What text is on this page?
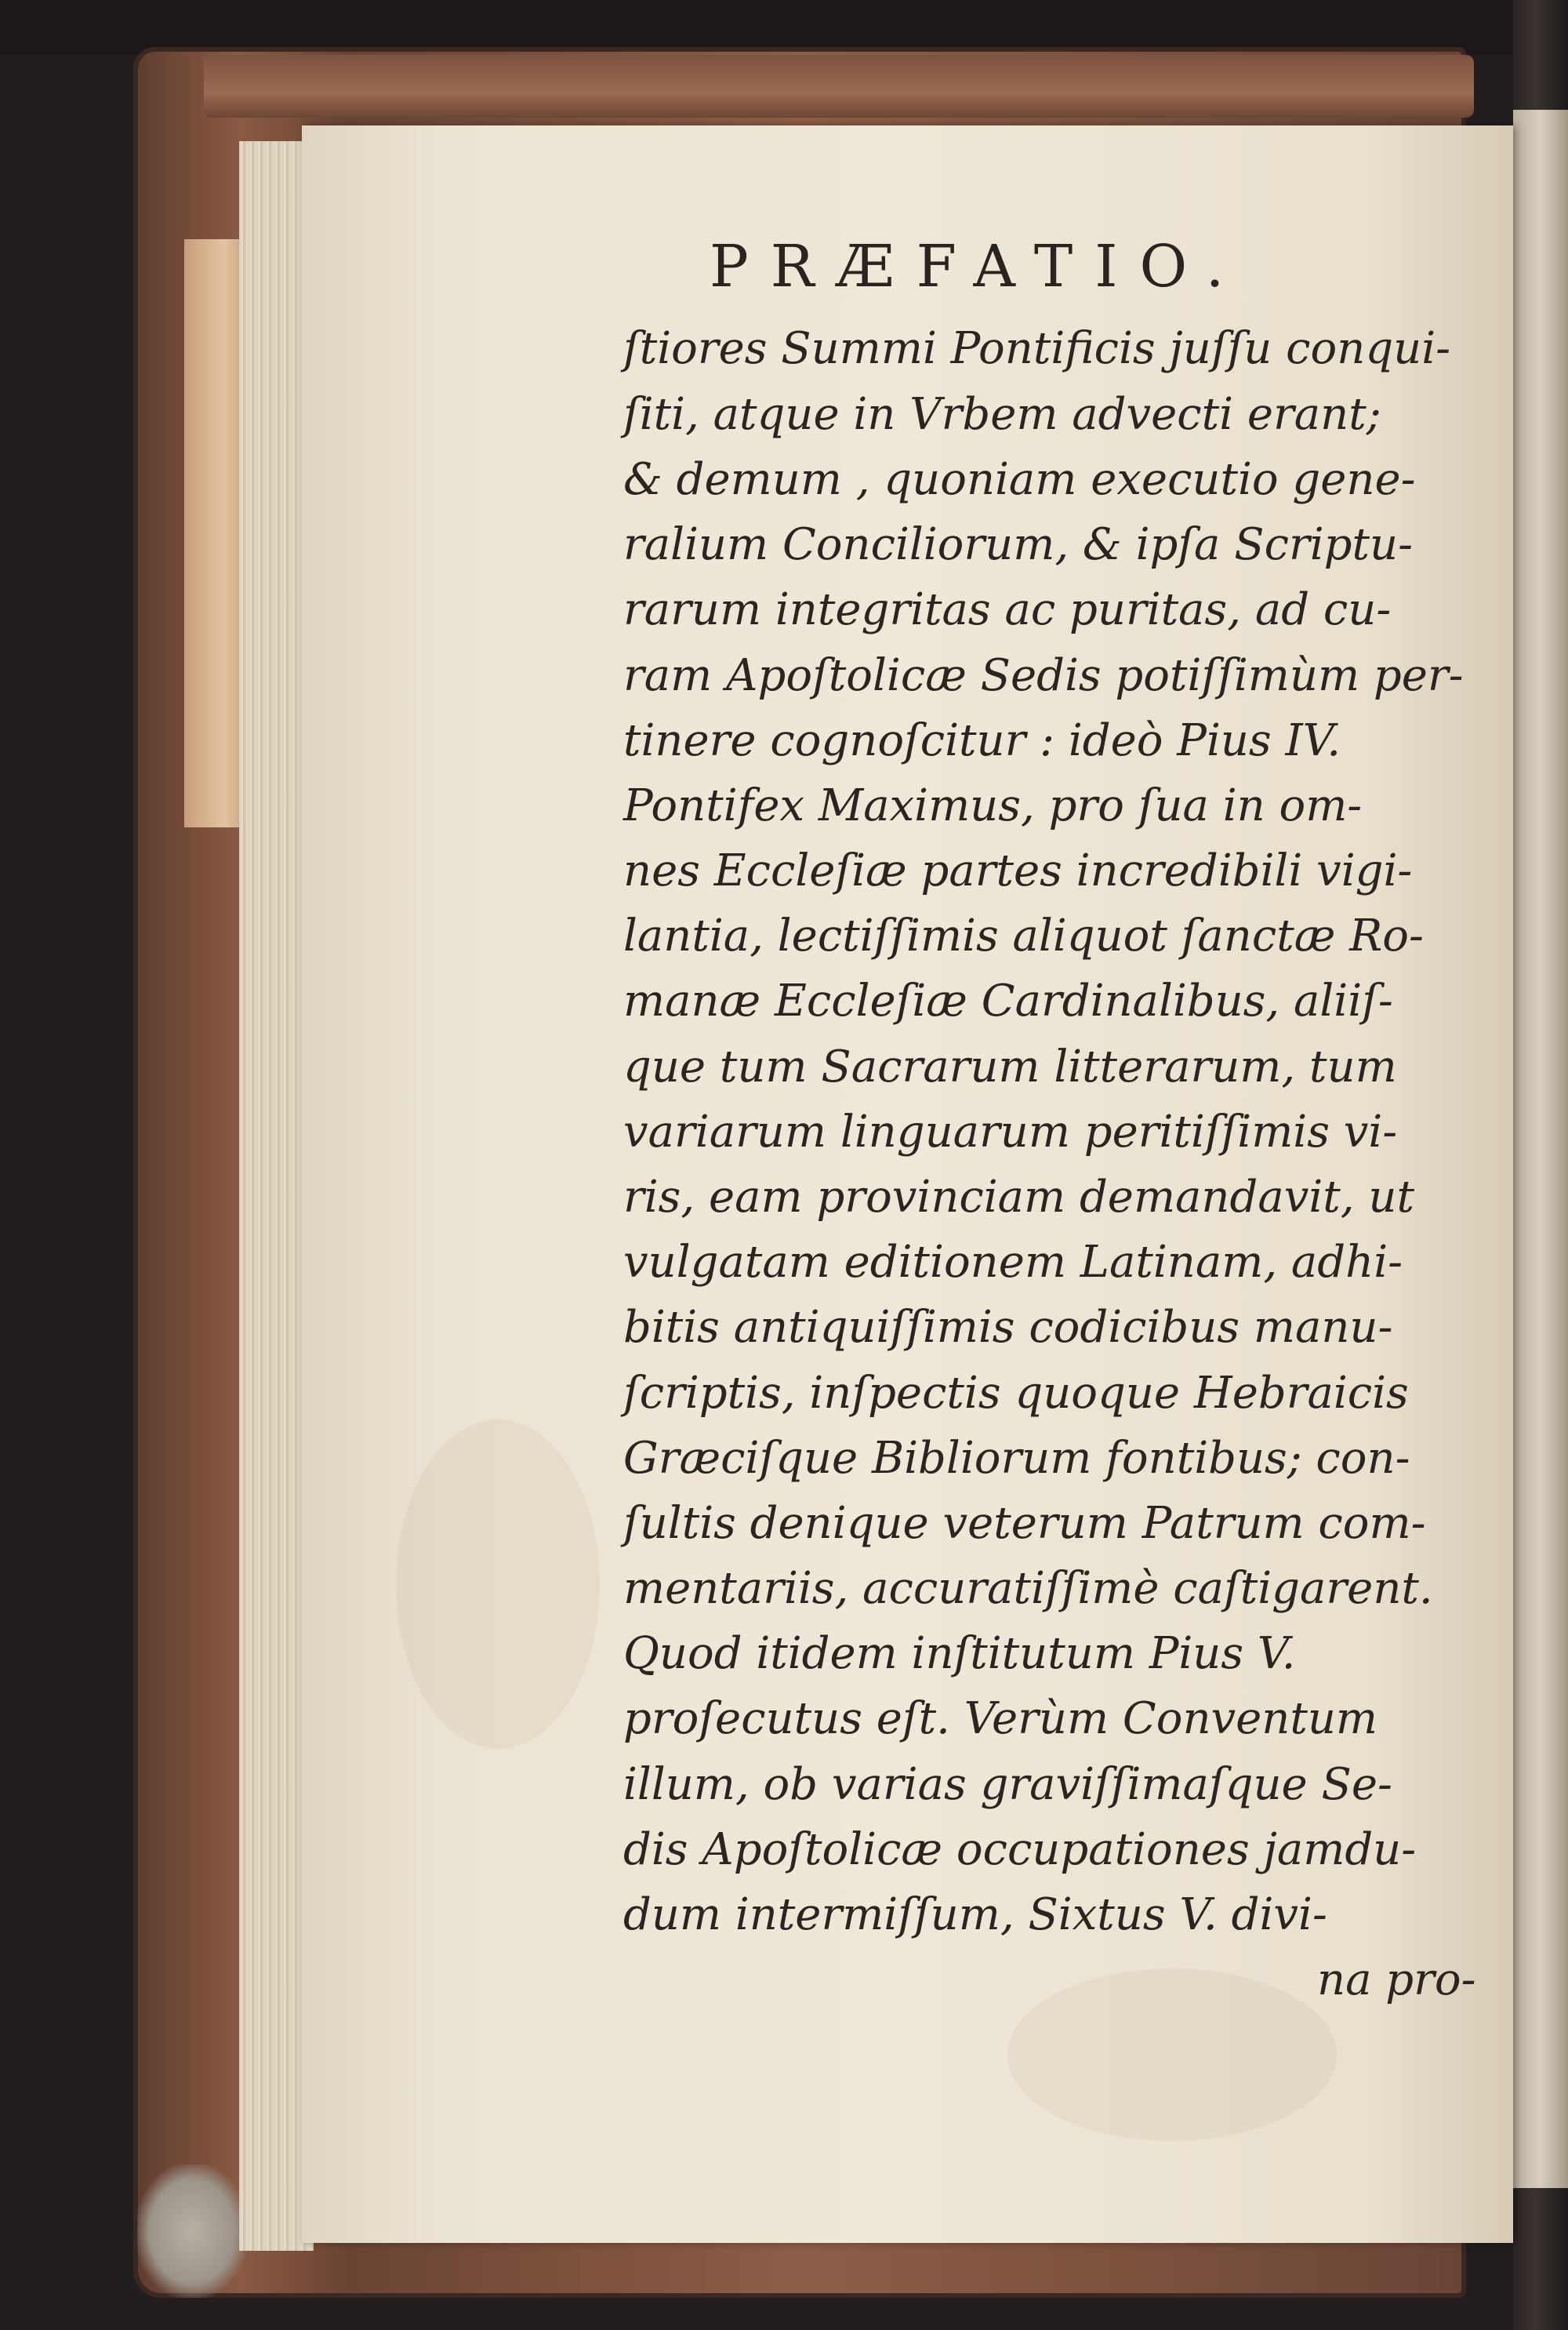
PRÆFATIO.

ſtiores Summi Pontificis juſſu conqui-

ſiti, atque in Vrbem advecti erant;

& demum , quoniam executio gene-

ralium Conciliorum, & ipſa Scriptu-

rarum integritas ac puritas, ad cu-

ram Apoſtolicæ Sedis potiſſimùm per-

tinere cognoſcitur : ideò Pius IV.

Pontifex Maximus, pro ſua in om-

nes Eccleſiæ partes incredibili vigi-

lantia, lectiſſimis aliquot ſanctæ Ro-

manæ Eccleſiæ Cardinalibus, aliiſ-

que tum Sacrarum litterarum, tum

variarum linguarum peritiſſimis vi-

ris, eam provinciam demandavit, ut

vulgatam editionem Latinam, adhi-

bitis antiquiſſimis codicibus manu-

ſcriptis, inſpectis quoque Hebraicis

Græciſque Bibliorum fontibus; con-

ſultis denique veterum Patrum com-

mentariis, accuratiſſimè caſtigarent.

Quod itidem inſtitutum Pius V.

proſecutus eſt. Verùm Conventum

illum, ob varias graviſſimaſque Se-

dis Apoſtolicæ occupationes jamdu-

dum intermiſſum, Sixtus V. divi-

na pro-
